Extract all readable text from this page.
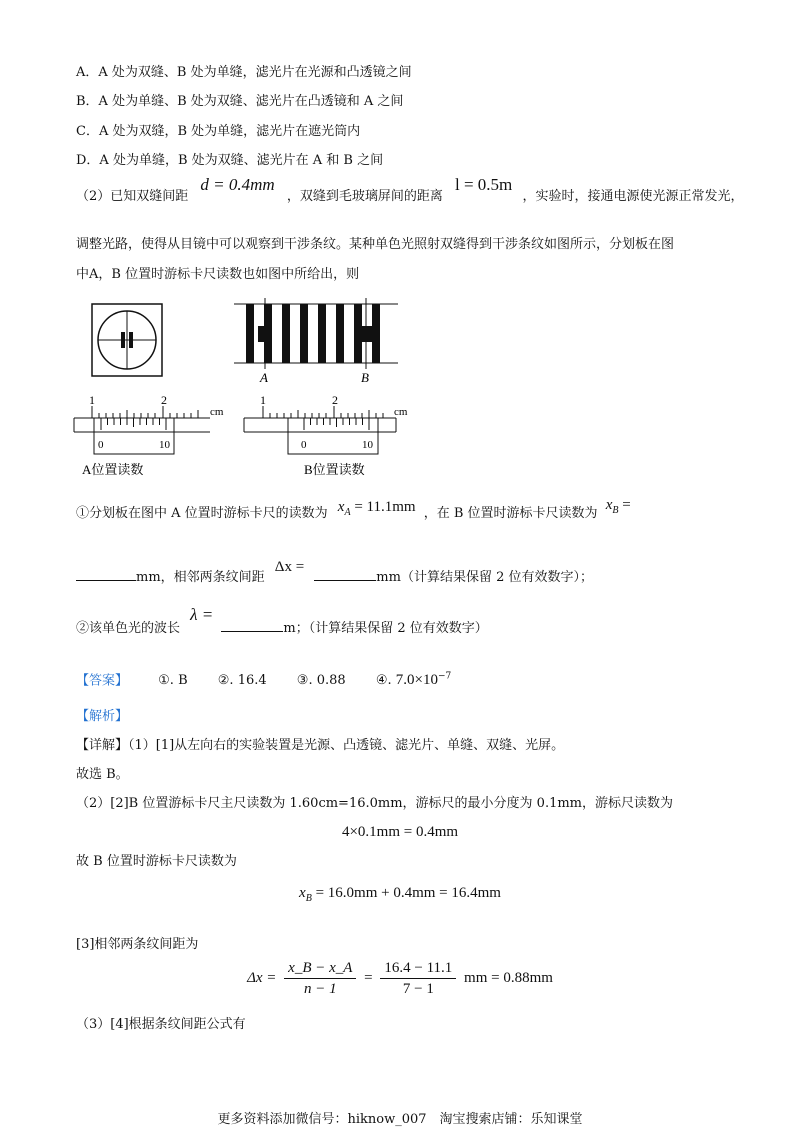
A．A 处为双缝、B 处为单缝，滤光片在光源和凸透镜之间
B．A 处为单缝、B 处为双缝、滤光片在凸透镜和 A 之间
C．A 处为双缝，B 处为单缝，滤光片在遮光筒内
D．A 处为单缝，B 处为双缝、滤光片在 A 和 B 之间
（2）已知双缝间距 d = 0.4mm ，双缝到毛玻璃屏间的距离 l = 0.5m ，实验时，接通电源使光源正常发光，
调整光路，使得从目镜中可以观察到干涉条纹。某种单色光照射双缝得到干涉条纹如图所示，分划板在图
中A，B 位置时游标卡尺读数也如图中所给出，则
A	B
1	2
cm
0	10
1	2
cm
0	10
A位置读数	B位置读数
①分划板在图中 A 位置时游标卡尺的读数为 $x_A = 11.1mm$ ，在 B 位置时游标卡尺读数为 $x_B$ =
mm，相邻两条纹间距 Δx = mm（计算结果保留 2 位有效数字）；
②该单色光的波长 λ = m；（计算结果保留 2 位有效数字）
【答案】 ①. B ②. 16.4 ③. 0.88 ④. $7.0\times 10^{-7}$
【解析】
【详解】（1）[1]从左向右的实验装置是光源、凸透镜、滤光片、单缝、双缝、光屏。
故选 B。
（2）[2]B 位置游标卡尺主尺读数为 1.60cm=16.0mm，游标尺的最小分度为 0.1mm，游标尺读数为
4×0.1mm = 0.4mm
故 B 位置时游标卡尺读数为
$x_B = 16.0mm + 0.4mm = 16.4mm$
[3]相邻两条纹间距为
$\Delta x = \frac{x\_B - x\_A}{n - 1} = \frac{16.4 - 11.1}{7 - 1}$ mm = 0.88mm
（3）[4]根据条纹间距公式有
更多资料添加微信号：hiknow_007　淘宝搜索店铺：乐知课堂
